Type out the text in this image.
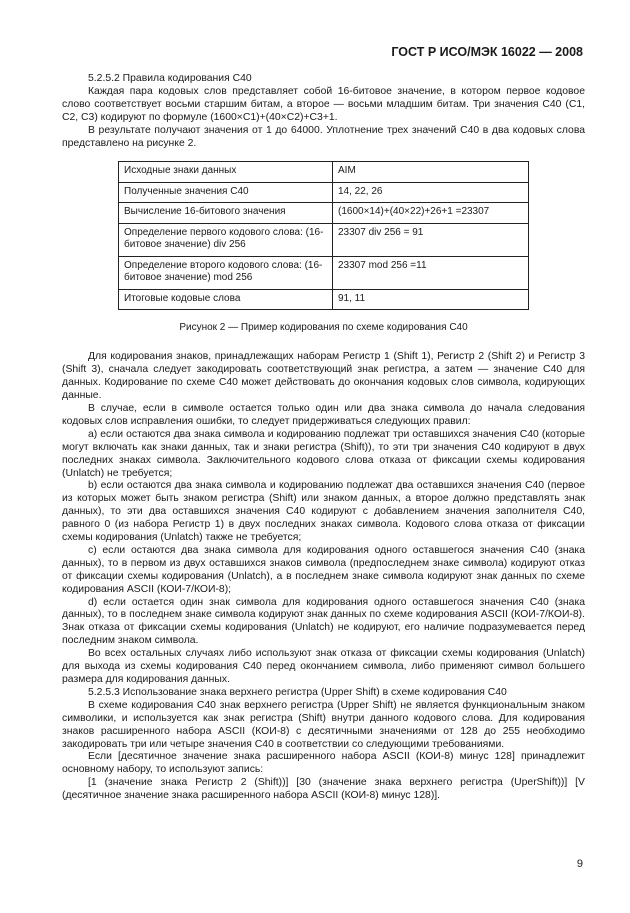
ГОСТ Р ИСО/МЭК 16022 — 2008

5.2.5.2 Правила кодирования С40

Каждая пара кодовых слов представляет собой 16-битовое значение, в котором первое кодовое слово соответствует восьми старшим битам, а второе — восьми младшим битам. Три значения С40 (С1, С2, С3) кодируют по формуле (1600×С1)+(40×С2)+С3+1.

В результате получают значения от 1 до 64000. Уплотнение трех значений С40 в два кодовых слова представлено на рисунке 2.

Исходные знаки данных	AIM
Полученные значения С40	14, 22, 26
Вычисление 16-битового значения	(1600×14)+(40×22)+26+1 =23307
Определение первого кодового слова: (16-битовое значение) div 256	23307 div 256 = 91
Определение второго кодового слова: (16-битовое значение) mod 256	23307 mod 256 =11
Итоговые кодовые слова	91, 11
Рисунок 2 — Пример кодирования по схеме кодирования С40

Для кодирования знаков, принадлежащих наборам Регистр 1 (Shift 1), Регистр 2 (Shift 2) и Регистр 3 (Shift 3), сначала следует закодировать соответствующий знак регистра, а затем — значение С40 для данных. Кодирование по схеме С40 может действовать до окончания кодовых слов символа, кодирующих данные.

В случае, если в символе остается только один или два знака символа до начала следования кодовых слов исправления ошибки, то следует придерживаться следующих правил:

a) если остаются два знака символа и кодированию подлежат три оставшихся значения С40 (которые могут включать как знаки данных, так и знаки регистра (Shift)), то эти три значения С40 кодируют в двух последних знаках символа. Заключительного кодового слова отказа от фиксации схемы кодирования (Unlatch) не требуется;

b) если остаются два знака символа и кодированию подлежат два оставшихся значения С40 (первое из которых может быть знаком регистра (Shift) или знаком данных, а второе должно представлять знак данных), то эти два оставшихся значения С40 кодируют с добавлением значения заполнителя С40, равного 0 (из набора Регистр 1) в двух последних знаках символа. Кодового слова отказа от фиксации схемы кодирования (Unlatch) также не требуется;

c) если остаются два знака символа для кодирования одного оставшегося значения С40 (знака данных), то в первом из двух оставшихся знаков символа (предпоследнем знаке символа) кодируют отказ от фиксации схемы кодирования (Unlatch), а в последнем знаке символа кодируют знак данных по схеме кодирования ASCII (КОИ-7/КОИ-8);

d) если остается один знак символа для кодирования одного оставшегося значения С40 (знака данных), то в последнем знаке символа кодируют знак данных по схеме кодирования ASCII (КОИ-7/КОИ-8). Знак отказа от фиксации схемы кодирования (Unlatch) не кодируют, его наличие подразумевается перед последним знаком символа.

Во всех остальных случаях либо используют знак отказа от фиксации схемы кодирования (Unlatch) для выхода из схемы кодирования С40 перед окончанием символа, либо применяют символ большего размера для кодирования данных.

5.2.5.3 Использование знака верхнего регистра (Upper Shift) в схеме кодирования С40

В схеме кодирования С40 знак верхнего регистра (Upper Shift) не является функциональным знаком символики, и используется как знак регистра (Shift) внутри данного кодового слова. Для кодирования знаков расширенного набора ASCII (КОИ-8) с десятичными значениями от 128 до 255 необходимо закодировать три или четыре значения С40 в соответствии со следующими требованиями.

Если [десятичное значение знака расширенного набора ASCII (КОИ-8) минус 128] принадлежит основному набору, то используют запись:

[1 (значение знака Регистр 2 (Shift))] [30 (значение знака верхнего регистра (UperShift))] [V (десятичное значение знака расширенного набора ASCII (КОИ-8) минус 128)].

9
